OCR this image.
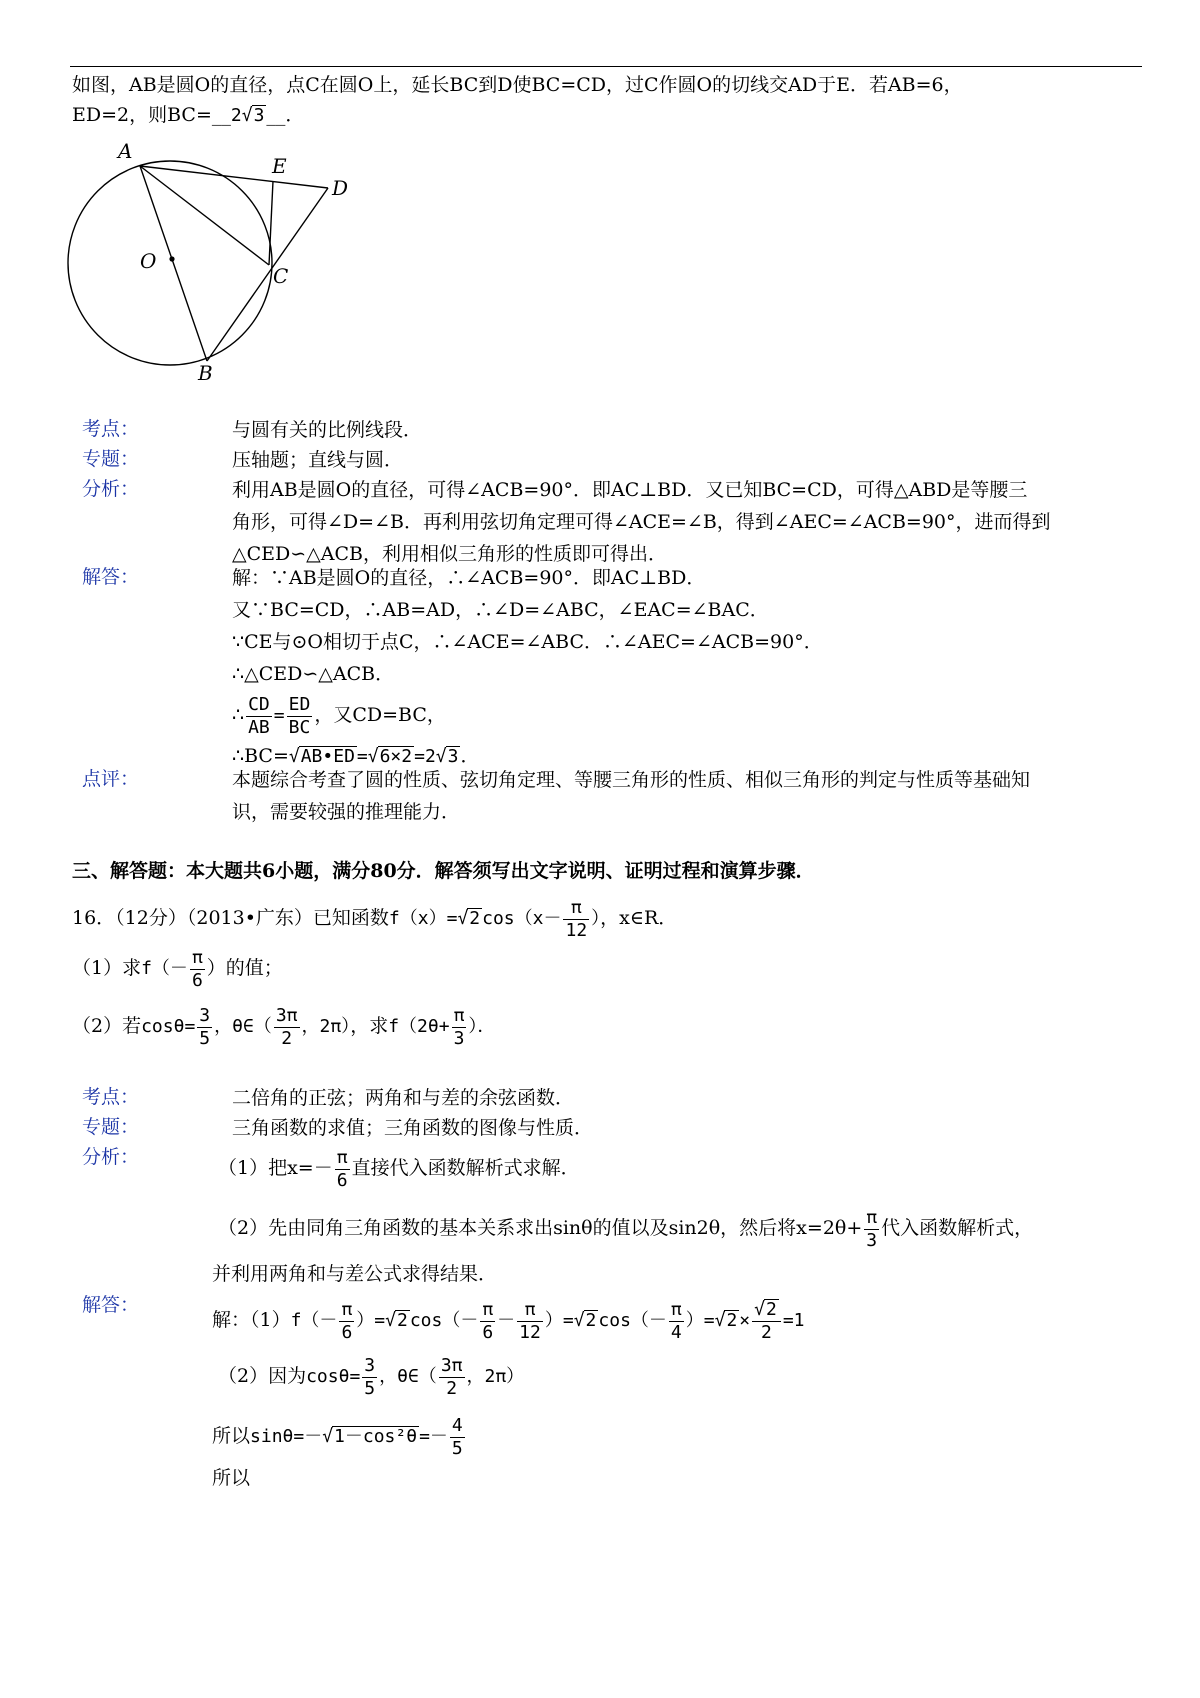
如图，AB是圆O的直径，点C在圆O上，延长BC到D使BC=CD，过C作圆O的切线交AD于E．若AB=6，
ED=2，则BC=__2√3 __．
A
E
D
O
C
B
考点：	与圆有关的比例线段．
专题：	压轴题；直线与圆．
分析：	利用AB是圆O的直径，可得∠ACB=90°．即AC⊥BD．又已知BC=CD，可得△ABD是等腰三
角形，可得∠D=∠B．再利用弦切角定理可得∠ACE=∠B，得到∠AEC=∠ACB=90°，进而得到
△CED∽△ACB，利用相似三角形的性质即可得出．
解答：	解：∵AB是圆O的直径，∴∠ACB=90°．即AC⊥BD．
又∵BC=CD，∴AB=AD，∴∠D=∠ABC，∠EAC=∠BAC．
∵CE与⊙O相切于点C，∴∠ACE=∠ABC．∴∠AEC=∠ACB=90°．
∴△CED∽△ACB．
∴ $\frac{CD}{AB} = \frac{ED}{BC}$ ，又CD=BC，
∴BC=√AB•ED =√6×2 =2√3 ．
点评：	本题综合考查了圆的性质、弦切角定理、等腰三角形的性质、相似三角形的判定与性质等基础知
识，需要较强的推理能力．
三、解答题：本大题共6小题，满分80分．解答须写出文字说明、证明过程和演算步骤．
16．（12分）（2013•广东）已知函数f（x）=√2 $\cos(x- \frac{\pi}{12}$ ），x∈R．
（1）求$f(- \frac{\pi}{6}$ ）的值；
（2）若$\cos\theta= \frac{3}{5}$ ，θ∈（ $\frac{3\pi}{2}$ ，2π），求$f(2\theta+ \frac{\pi}{3}$ ）．
考点：	二倍角的正弦；两角和与差的余弦函数．
专题：	三角函数的求值；三角函数的图像与性质．
分析：	（1）把$x=- \frac{\pi}{6}$ 直接代入函数解析式求解．
（2）先由同角三角函数的基本关系求出sinθ的值以及sin2θ，然后将$x=2\theta+ \frac{\pi}{3}$ 代入函数解析式，
并利用两角和与差公式求得结果．
解答：
解：$(1)f(- \frac{\pi}{6} )=√2$ $\cos(- \frac{\pi}{6} - \frac{\pi}{12} )=√2$ $\cos(- \frac{\pi}{4} )=√2 \times \frac{√2}{2} =1$
（2）因为$\cos\theta= \frac{3}{5}$ ，θ∈（ $\frac{3\pi}{2}$ ，2π）
所以$\sin\theta=-√1-\cos^2\theta =- \frac{4}{5}$
所以
